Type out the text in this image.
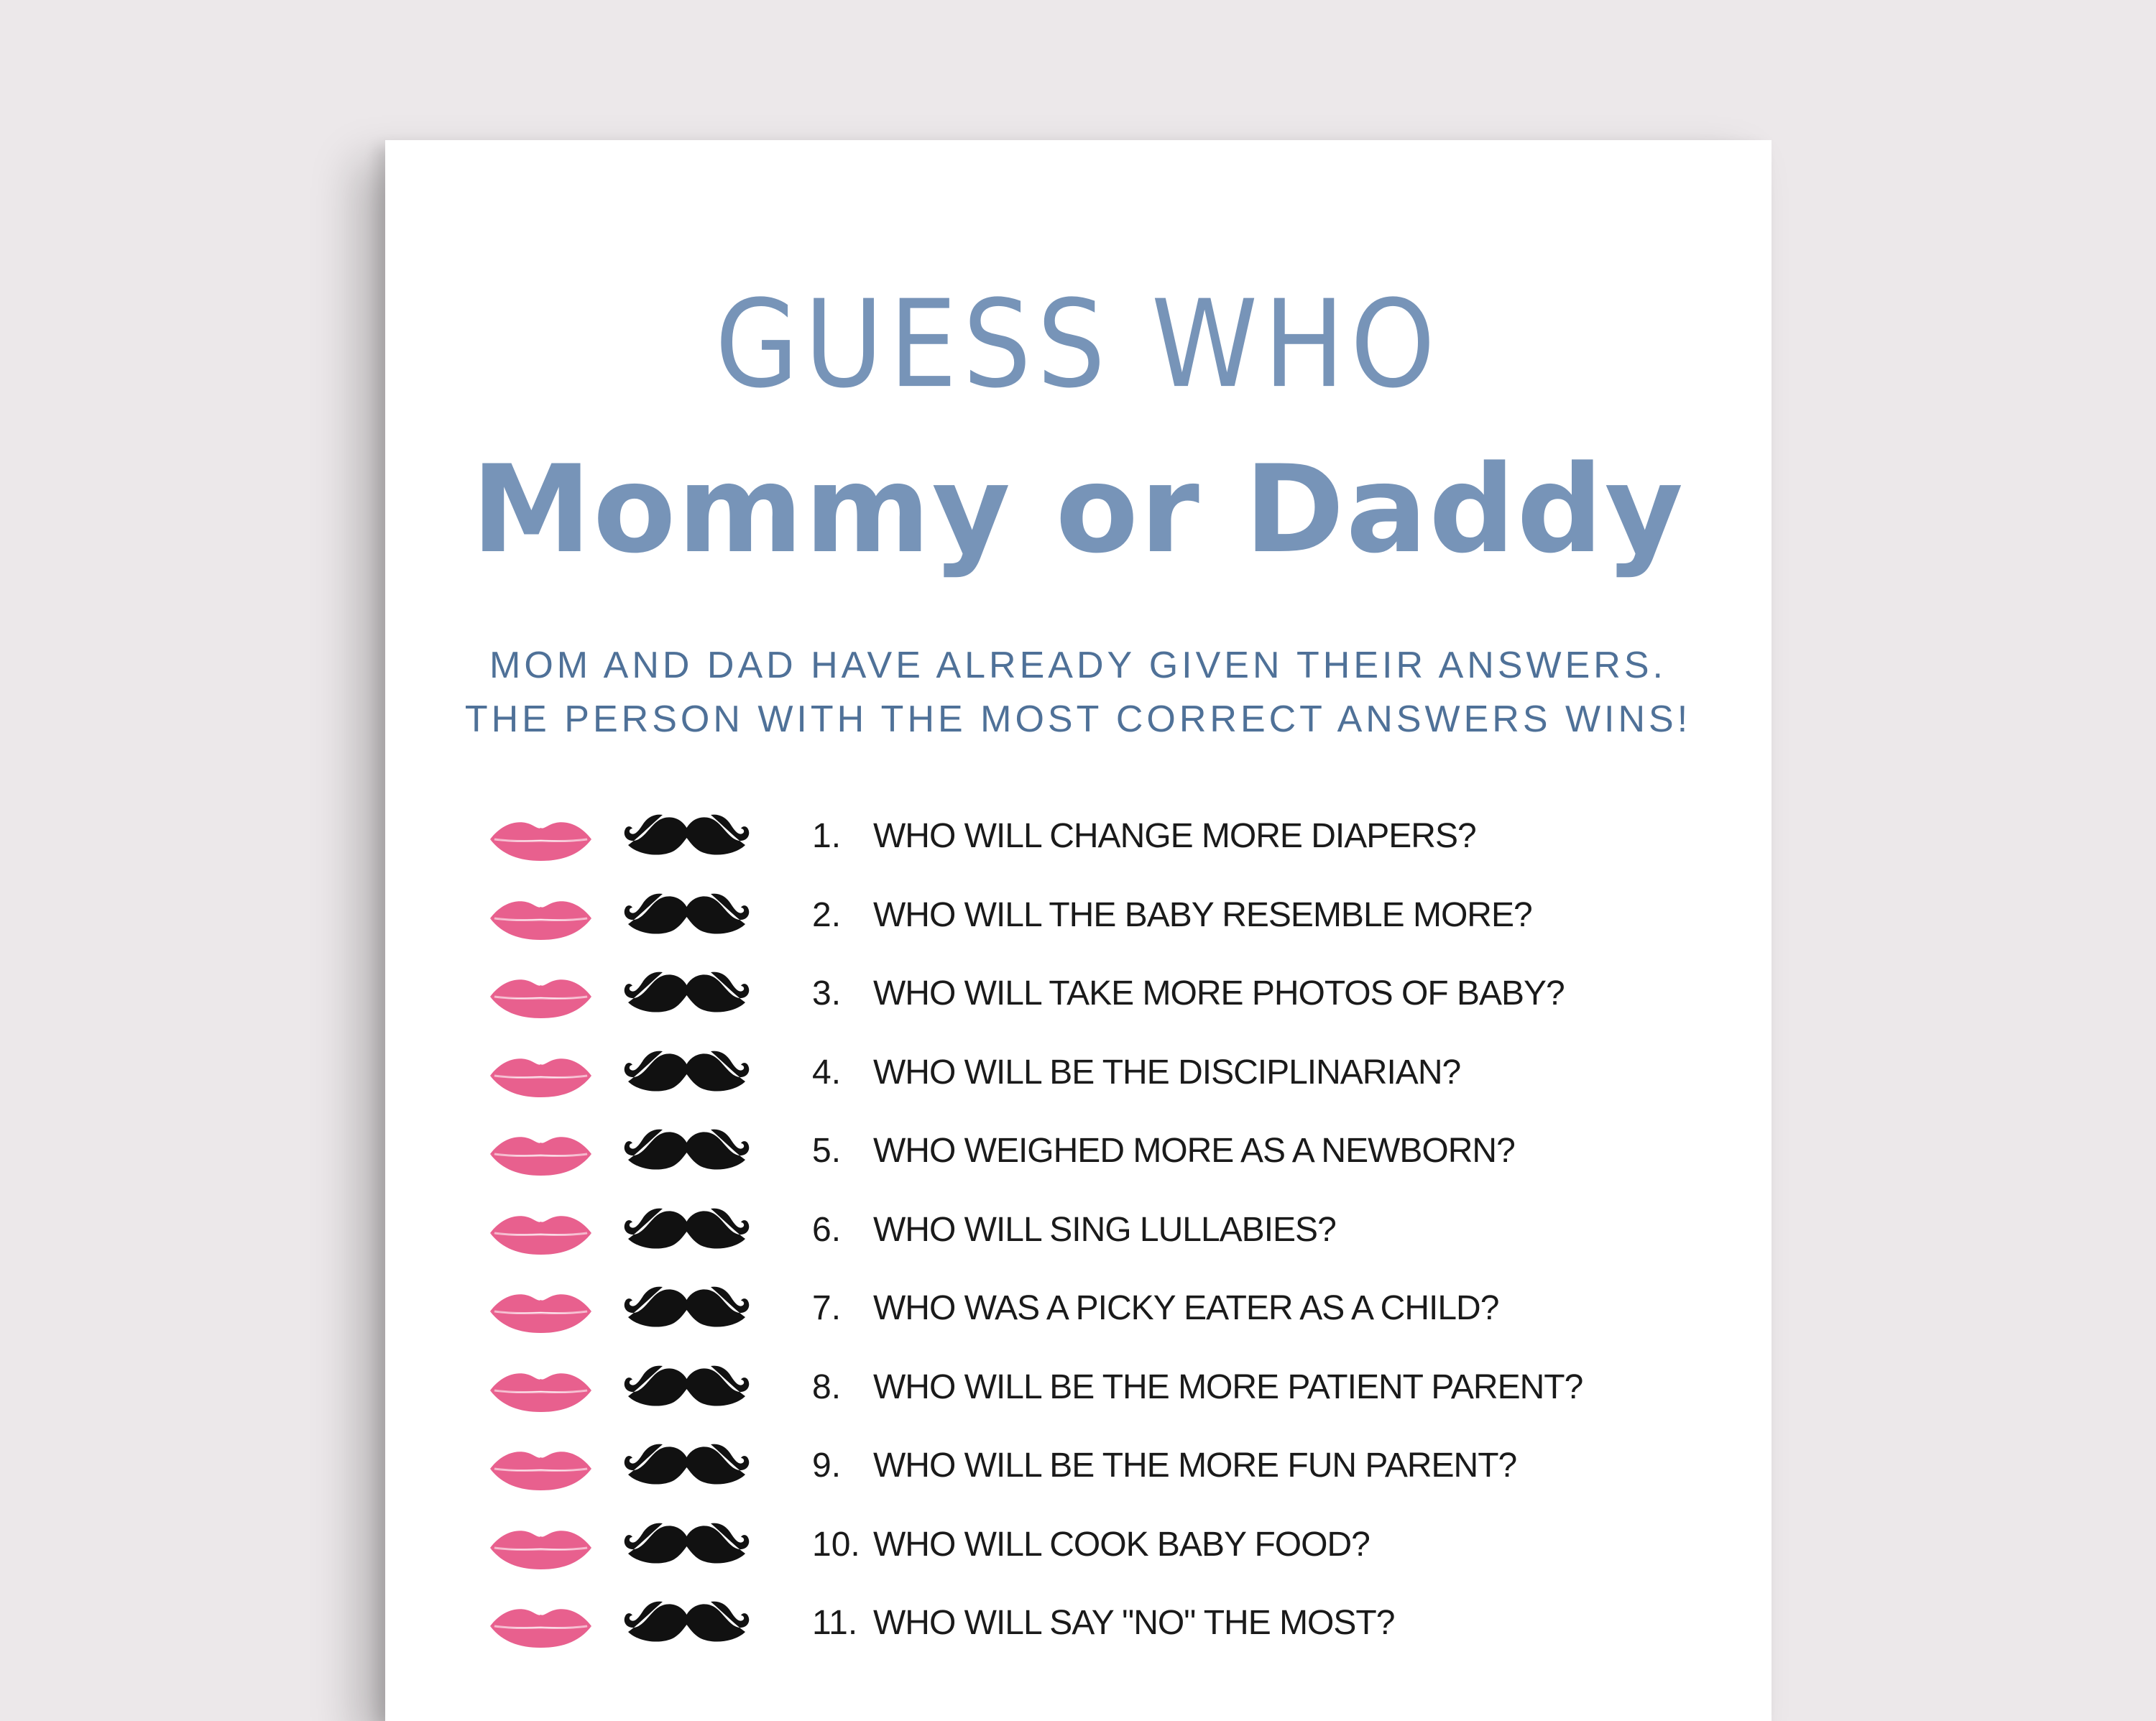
GUESS WHO
Mommy or Daddy
MOM AND DAD HAVE ALREADY GIVEN THEIR ANSWERS.
THE PERSON WITH THE MOST CORRECT ANSWERS WINS!
1. WHO WILL CHANGE MORE DIAPERS?
2. WHO WILL THE BABY RESEMBLE MORE?
3. WHO WILL TAKE MORE PHOTOS OF BABY?
4. WHO WILL BE THE DISCIPLINARIAN?
5. WHO WEIGHED MORE AS A NEWBORN?
6. WHO WILL SING LULLABIES?
7. WHO WAS A PICKY EATER AS A CHILD?
8. WHO WILL BE THE MORE PATIENT PARENT?
9. WHO WILL BE THE MORE FUN PARENT?
10. WHO WILL COOK BABY FOOD?
11. WHO WILL SAY "NO" THE MOST?
